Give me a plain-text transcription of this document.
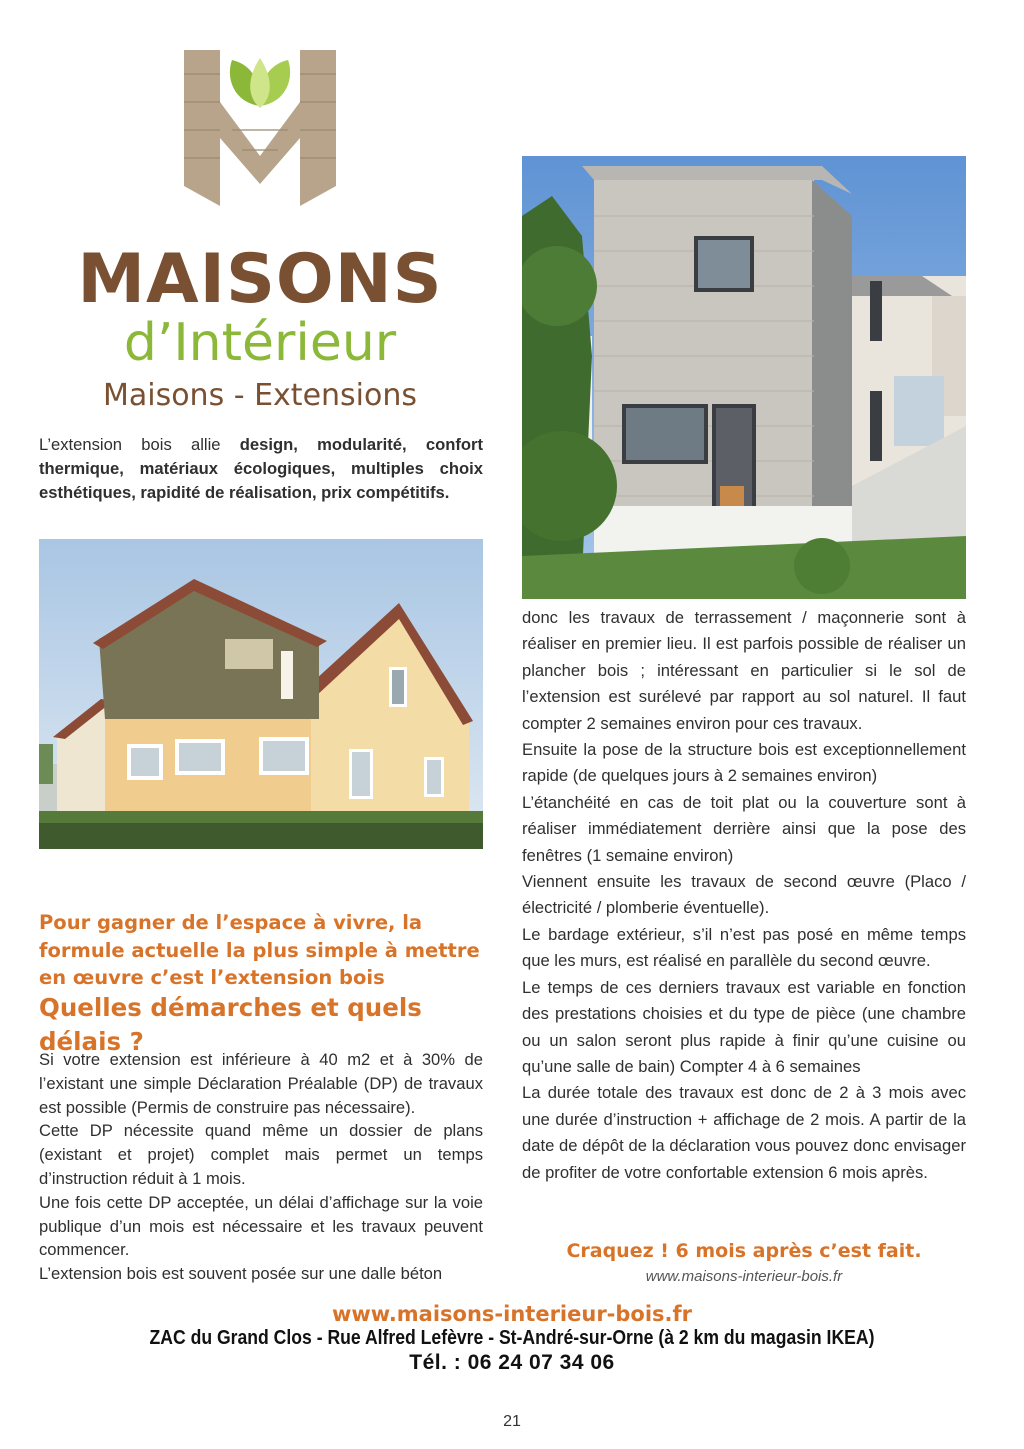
MAISONS
d’Intérieur
Maisons - Extensions
L’extension bois allie design, modularité, confort thermique, matériaux écologiques, multiples choix esthétiques, rapidité de réalisation, prix compétitifs.
Pour gagner de l’espace à vivre, la formule actuelle la plus simple à mettre en œuvre c’est l’extension bois
Quelles démarches et quels délais ?

Si votre extension est inférieure à 40 m2 et à 30% de l’existant une simple Déclaration Préalable (DP) de travaux est possible (Permis de construire pas nécessaire).

Cette DP nécessite quand même un dossier de plans (existant et projet) complet mais permet un temps d’instruction réduit à 1 mois.

Une fois cette DP acceptée, un délai d’affichage sur la voie publique d’un mois est nécessaire et les travaux peuvent commencer.

L’extension bois est souvent posée sur une dalle béton

donc les travaux de terrassement / maçonnerie sont à réaliser en premier lieu. Il est parfois possible de réaliser un plancher bois ; intéressant en particulier si le sol de l’extension est surélevé par rapport au sol naturel. Il faut compter 2 semaines environ pour ces travaux.

Ensuite la pose de la structure bois est exceptionnellement rapide (de quelques jours à 2 semaines environ)

L’étanchéité en cas de toit plat ou la couverture sont à réaliser immédiatement derrière ainsi que la pose des fenêtres (1 semaine environ)

Viennent ensuite les travaux de second œuvre (Placo / électricité / plomberie éventuelle).

Le bardage extérieur, s’il n’est pas posé en même temps que les murs, est réalisé en parallèle du second œuvre.

Le temps de ces derniers travaux est variable en fonction des prestations choisies et du type de pièce (une chambre ou un salon seront plus rapide à finir qu’une cuisine ou qu’une salle de bain) Compter 4 à 6 semaines

La durée totale des travaux est donc de 2 à 3 mois avec une durée d’instruction + affichage de 2 mois. A partir de la date de dépôt de la déclaration vous pouvez donc envisager de profiter de votre confortable extension 6 mois après.

Craquez ! 6 mois après c’est fait.
www.maisons-interieur-bois.fr
www.maisons-interieur-bois.fr
ZAC du Grand Clos - Rue Alfred Lefèvre - St-André-sur-Orne (à 2 km du magasin IKEA)
Tél. : 06 24 07 34 06
21
